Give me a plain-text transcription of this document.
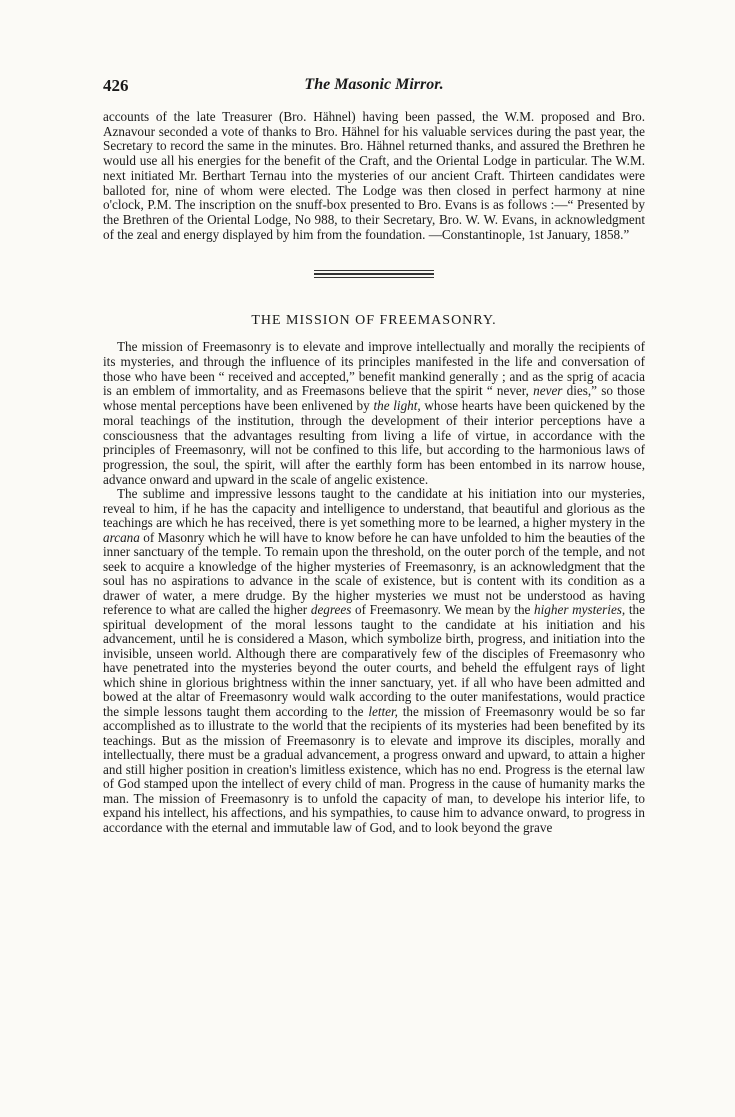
426	The Masonic Mirror.

accounts of the late Treasurer (Bro. Hähnel) having been passed, the W.M. proposed and Bro. Aznavour seconded a vote of thanks to Bro. Hähnel for his valuable services during the past year, the Secretary to record the same in the minutes. Bro. Hähnel returned thanks, and assured the Brethren he would use all his energies for the benefit of the Craft, and the Oriental Lodge in particular. The W.M. next initiated Mr. Berthart Ternau into the mysteries of our ancient Craft. Thirteen candidates were balloted for, nine of whom were elected. The Lodge was then closed in perfect harmony at nine o'clock, P.M. The inscription on the snuff-box presented to Bro. Evans is as follows :—“ Presented by the Brethren of the Oriental Lodge, No 988, to their Secretary, Bro. W. W. Evans, in acknowledgment of the zeal and energy displayed by him from the foundation. —Constantinople, 1st January, 1858.”

THE MISSION OF FREEMASONRY.

The mission of Freemasonry is to elevate and improve intellectually and morally the recipients of its mysteries, and through the influence of its principles manifested in the life and conversation of those who have been “ received and accepted,” benefit mankind generally ; and as the sprig of acacia is an emblem of immortality, and as Freemasons believe that the spirit “ never, never dies,” so those whose mental perceptions have been enlivened by the light, whose hearts have been quickened by the moral teachings of the institution, through the development of their interior perceptions have a consciousness that the advantages resulting from living a life of virtue, in accordance with the principles of Freemasonry, will not be confined to this life, but according to the harmonious laws of progression, the soul, the spirit, will after the earthly form has been entombed in its narrow house, advance onward and upward in the scale of angelic existence.

The sublime and impressive lessons taught to the candidate at his initiation into our mysteries, reveal to him, if he has the capacity and intelligence to understand, that beautiful and glorious as the teachings are which he has received, there is yet something more to be learned, a higher mystery in the arcana of Masonry which he will have to know before he can have unfolded to him the beauties of the inner sanctuary of the temple. To remain upon the threshold, on the outer porch of the temple, and not seek to acquire a knowledge of the higher mysteries of Freemasonry, is an acknowledgment that the soul has no aspirations to advance in the scale of existence, but is content with its condition as a drawer of water, a mere drudge. By the higher mysteries we must not be understood as having reference to what are called the higher degrees of Freemasonry. We mean by the higher mysteries, the spiritual development of the moral lessons taught to the candidate at his initiation and his advancement, until he is considered a Mason, which symbolize birth, progress, and initiation into the invisible, unseen world. Although there are comparatively few of the disciples of Freemasonry who have penetrated into the mysteries beyond the outer courts, and beheld the effulgent rays of light which shine in glorious brightness within the inner sanctuary, yet. if all who have been admitted and bowed at the altar of Freemasonry would walk according to the outer manifestations, would practice the simple lessons taught them according to the letter, the mission of Freemasonry would be so far accomplished as to illustrate to the world that the recipients of its mysteries had been benefited by its teachings. But as the mission of Freemasonry is to elevate and improve its disciples, morally and intellectually, there must be a gradual advancement, a progress onward and upward, to attain a higher and still higher position in creation's limitless existence, which has no end. Progress is the eternal law of God stamped upon the intellect of every child of man. Progress in the cause of humanity marks the man. The mission of Freemasonry is to unfold the capacity of man, to develope his interior life, to expand his intellect, his affections, and his sympathies, to cause him to advance onward, to progress in accordance with the eternal and immutable law of God, and to look beyond the grave
